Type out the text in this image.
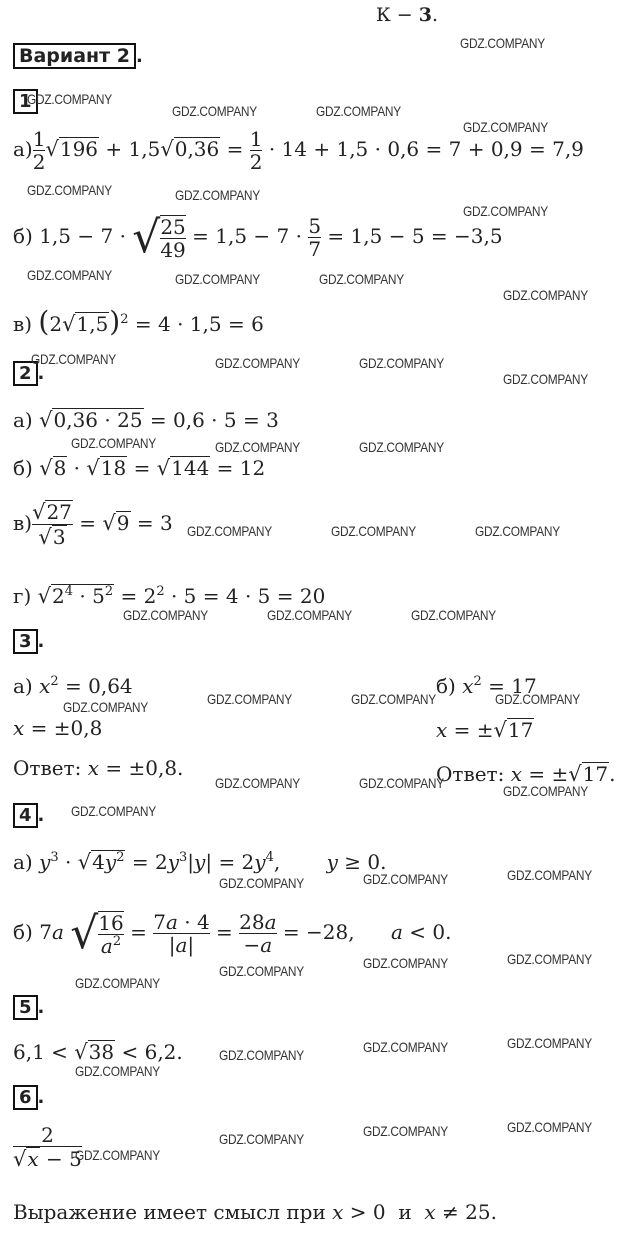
К − 3.
Вариант 2 .
1
$а) \frac{1}{2} √196 + 1,5√0,36 = \frac{1}{2} \cdot 14 + 1,5 \cdot 0,6 = 7 + 0,9 = 7,9$
б) 1,5 − 7 · √ $\frac{25}{49} = 1,5 - 7 \cdot \frac{5}{7} = 1,5 - 5 = -3,5$
в) $(2√1,5)^2 = 4 \cdot 1,5 = 6$
2 .
а) √0,36 · 25 = 0,6 · 5 = 3
б) √8 · √18 = √144 = 12
$в) \frac{√27}{√3} = √9 = 3$
г) $√2^4 \cdot 5^2 = 2^2 \cdot 5 = 4 \cdot 5 = 20$
3 .
а) $x^2 = 0,64$
x = ±0,8
Ответ: x = ±0,8.
б) $x^2 = 17$
x = ±√17
Ответ: x = ±√17.
4 .
а) $y^3 \cdot √4y^2 = 2y^3|y| = 2y^4$, y ≥ 0.
б) 7a √ $\frac{16}{a^2} = \frac{7a \cdot 4}{|a|} = \frac{28a}{-a} = -28$, a < 0.
5 .
6,1 < √38 < 6,2.
6 .
$\frac{2}{√x - 5}$
Выражение имеет смысл при x > 0  и  x ≠ 25.
GDZ.COMPANY
GDZ.COMPANY
GDZ.COMPANY	GDZ.COMPANY
GDZ.COMPANY
GDZ.COMPANY	GDZ.COMPANY
GDZ.COMPANY
GDZ.COMPANY	GDZ.COMPANY	GDZ.COMPANY
GDZ.COMPANY
GDZ.COMPANY	GDZ.COMPANY	GDZ.COMPANY
GDZ.COMPANY
GDZ.COMPANY	GDZ.COMPANY	GDZ.COMPANY
GDZ.COMPANY	GDZ.COMPANY	GDZ.COMPANY
GDZ.COMPANY	GDZ.COMPANY	GDZ.COMPANY
GDZ.COMPANY	GDZ.COMPANY	GDZ.COMPANY	GDZ.COMPANY
GDZ.COMPANY	GDZ.COMPANY	GDZ.COMPANY
GDZ.COMPANY
GDZ.COMPANY	GDZ.COMPANY	GDZ.COMPANY
GDZ.COMPANY	GDZ.COMPANY	GDZ.COMPANY
GDZ.COMPANY
GDZ.COMPANY	GDZ.COMPANY	GDZ.COMPANY
GDZ.COMPANY
GDZ.COMPANY	GDZ.COMPANY	GDZ.COMPANY
GDZ.COMPANY
